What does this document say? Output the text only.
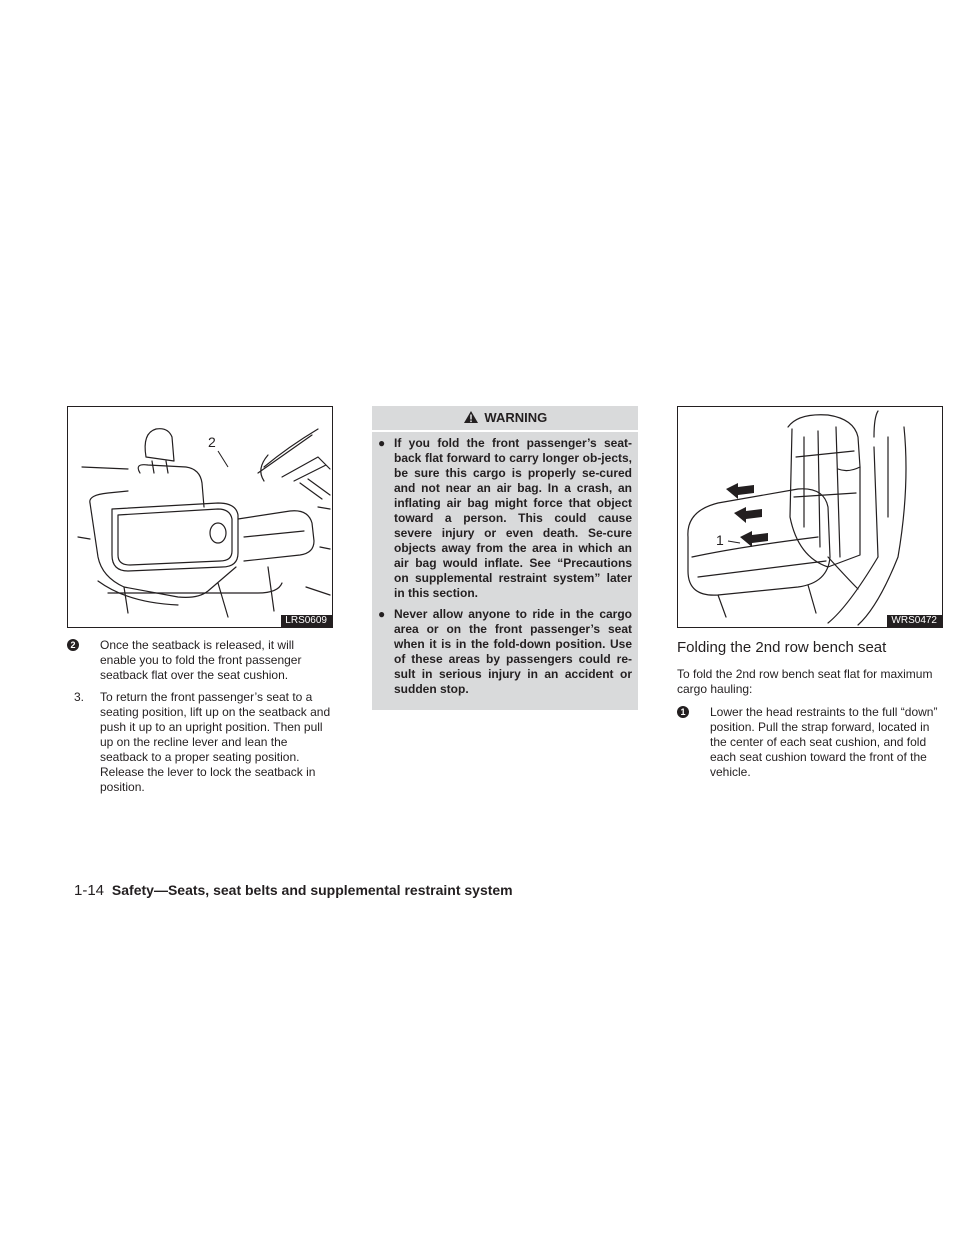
2
LRS0609
2 Once the seatback is released, it will enable you to fold the front passenger seatback flat over the seat cushion.
3. To return the front passenger’s seat to a seating position, lift up on the seatback and push it up to an upright position. Then pull up on the recline lever and lean the seatback to a proper seating position. Release the lever to lock the seatback in position.
WARNING
● If you fold the front passenger’s seat-back flat forward to carry longer ob-jects, be sure this cargo is properly se-cured and not near an air bag. In a crash, an inflating air bag might force that object toward a person. This could cause severe injury or even death. Se-cure objects away from the area in which an air bag would inflate. See “Precautions on supplemental restraint system” later in this section.
● Never allow anyone to ride in the cargo area or on the front passenger’s seat when it is in the fold-down position. Use of these areas by passengers could re-sult in serious injury in an accident or sudden stop.
1
WRS0472
Folding the 2nd row bench seat
To fold the 2nd row bench seat flat for maximum cargo hauling:
1 Lower the head restraints to the full “down” position. Pull the strap forward, located in the center of each seat cushion, and fold each seat cushion toward the front of the vehicle.
1-14 Safety—Seats, seat belts and supplemental restraint system
